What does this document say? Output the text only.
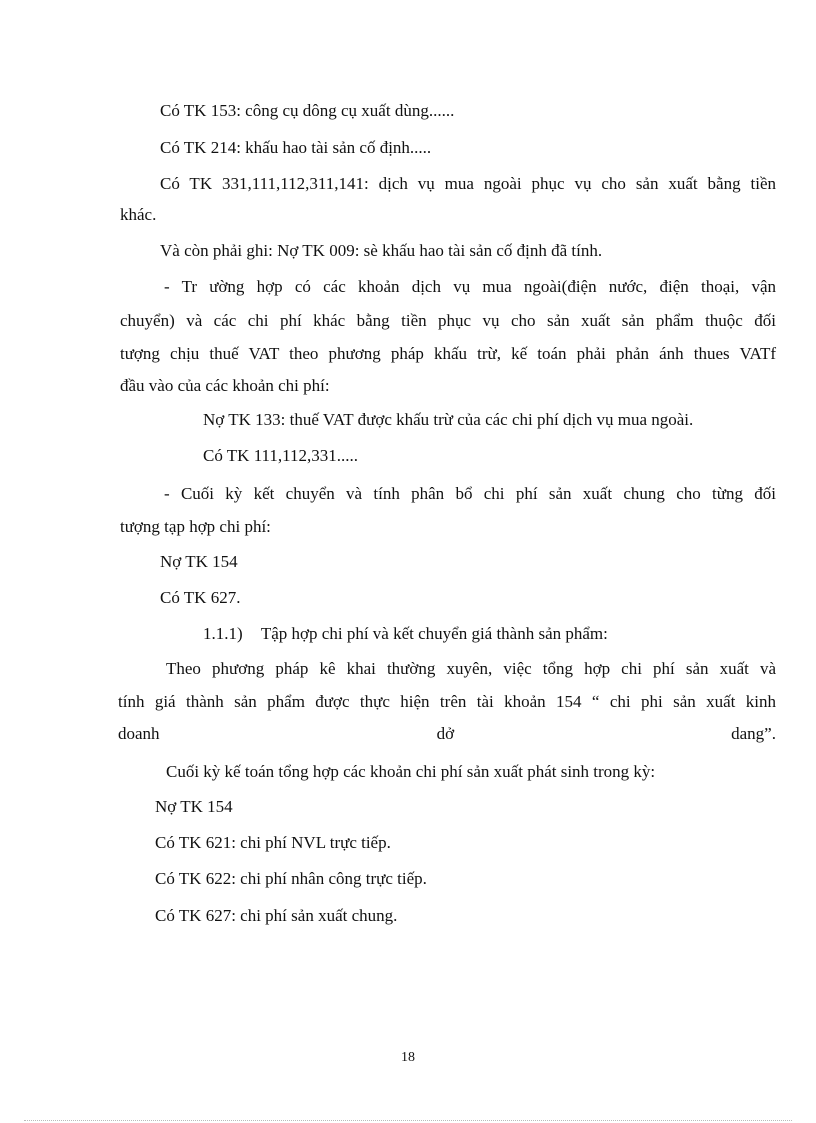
Có TK 153: công cụ dông cụ xuất dùng......

Có TK 214: khấu hao tài sản cố định.....

Có TK 331,111,112,311,141: dịch vụ mua ngoài phục vụ cho sản xuất bằng tiền

khác.

Và còn phải ghi: Nợ TK 009: sè khấu hao tài sản cố định đã tính.

- Tr ường hợp có các khoản dịch vụ mua ngoài(điện nước, điện thoại, vận

chuyển) và các chi phí khác bằng tiền phục vụ cho sản xuất sản phẩm thuộc đối

tượng chịu thuế VAT theo phương pháp khấu trừ, kế toán phải phản ánh thues VATf

đầu vào của các khoản chi phí:

Nợ TK 133: thuế VAT được khấu trừ của các chi phí dịch vụ mua ngoài.

Có TK 111,112,331.....

- Cuối kỳ kết chuyển và tính phân bổ chi phí sản xuất chung cho từng đối

tượng tạp hợp chi phí:

Nợ TK 154

Có TK 627.

1.1.1) Tập hợp chi phí và kết chuyển giá thành sản phẩm:

Theo phương pháp kê khai thường xuyên, việc tổng hợp chi phí sản xuất và

tính giá thành sản phẩm được thực hiện trên tài khoản 154 “ chi phi sản xuất kinh

doanh	dở	dang”.

Cuối kỳ kế toán tổng hợp các khoản chi phí sản xuất phát sinh trong kỳ:

Nợ TK 154

Có TK 621: chi phí NVL trực tiếp.

Có TK 622: chi phí nhân công trực tiếp.

Có TK 627: chi phí sản xuất chung.

18
